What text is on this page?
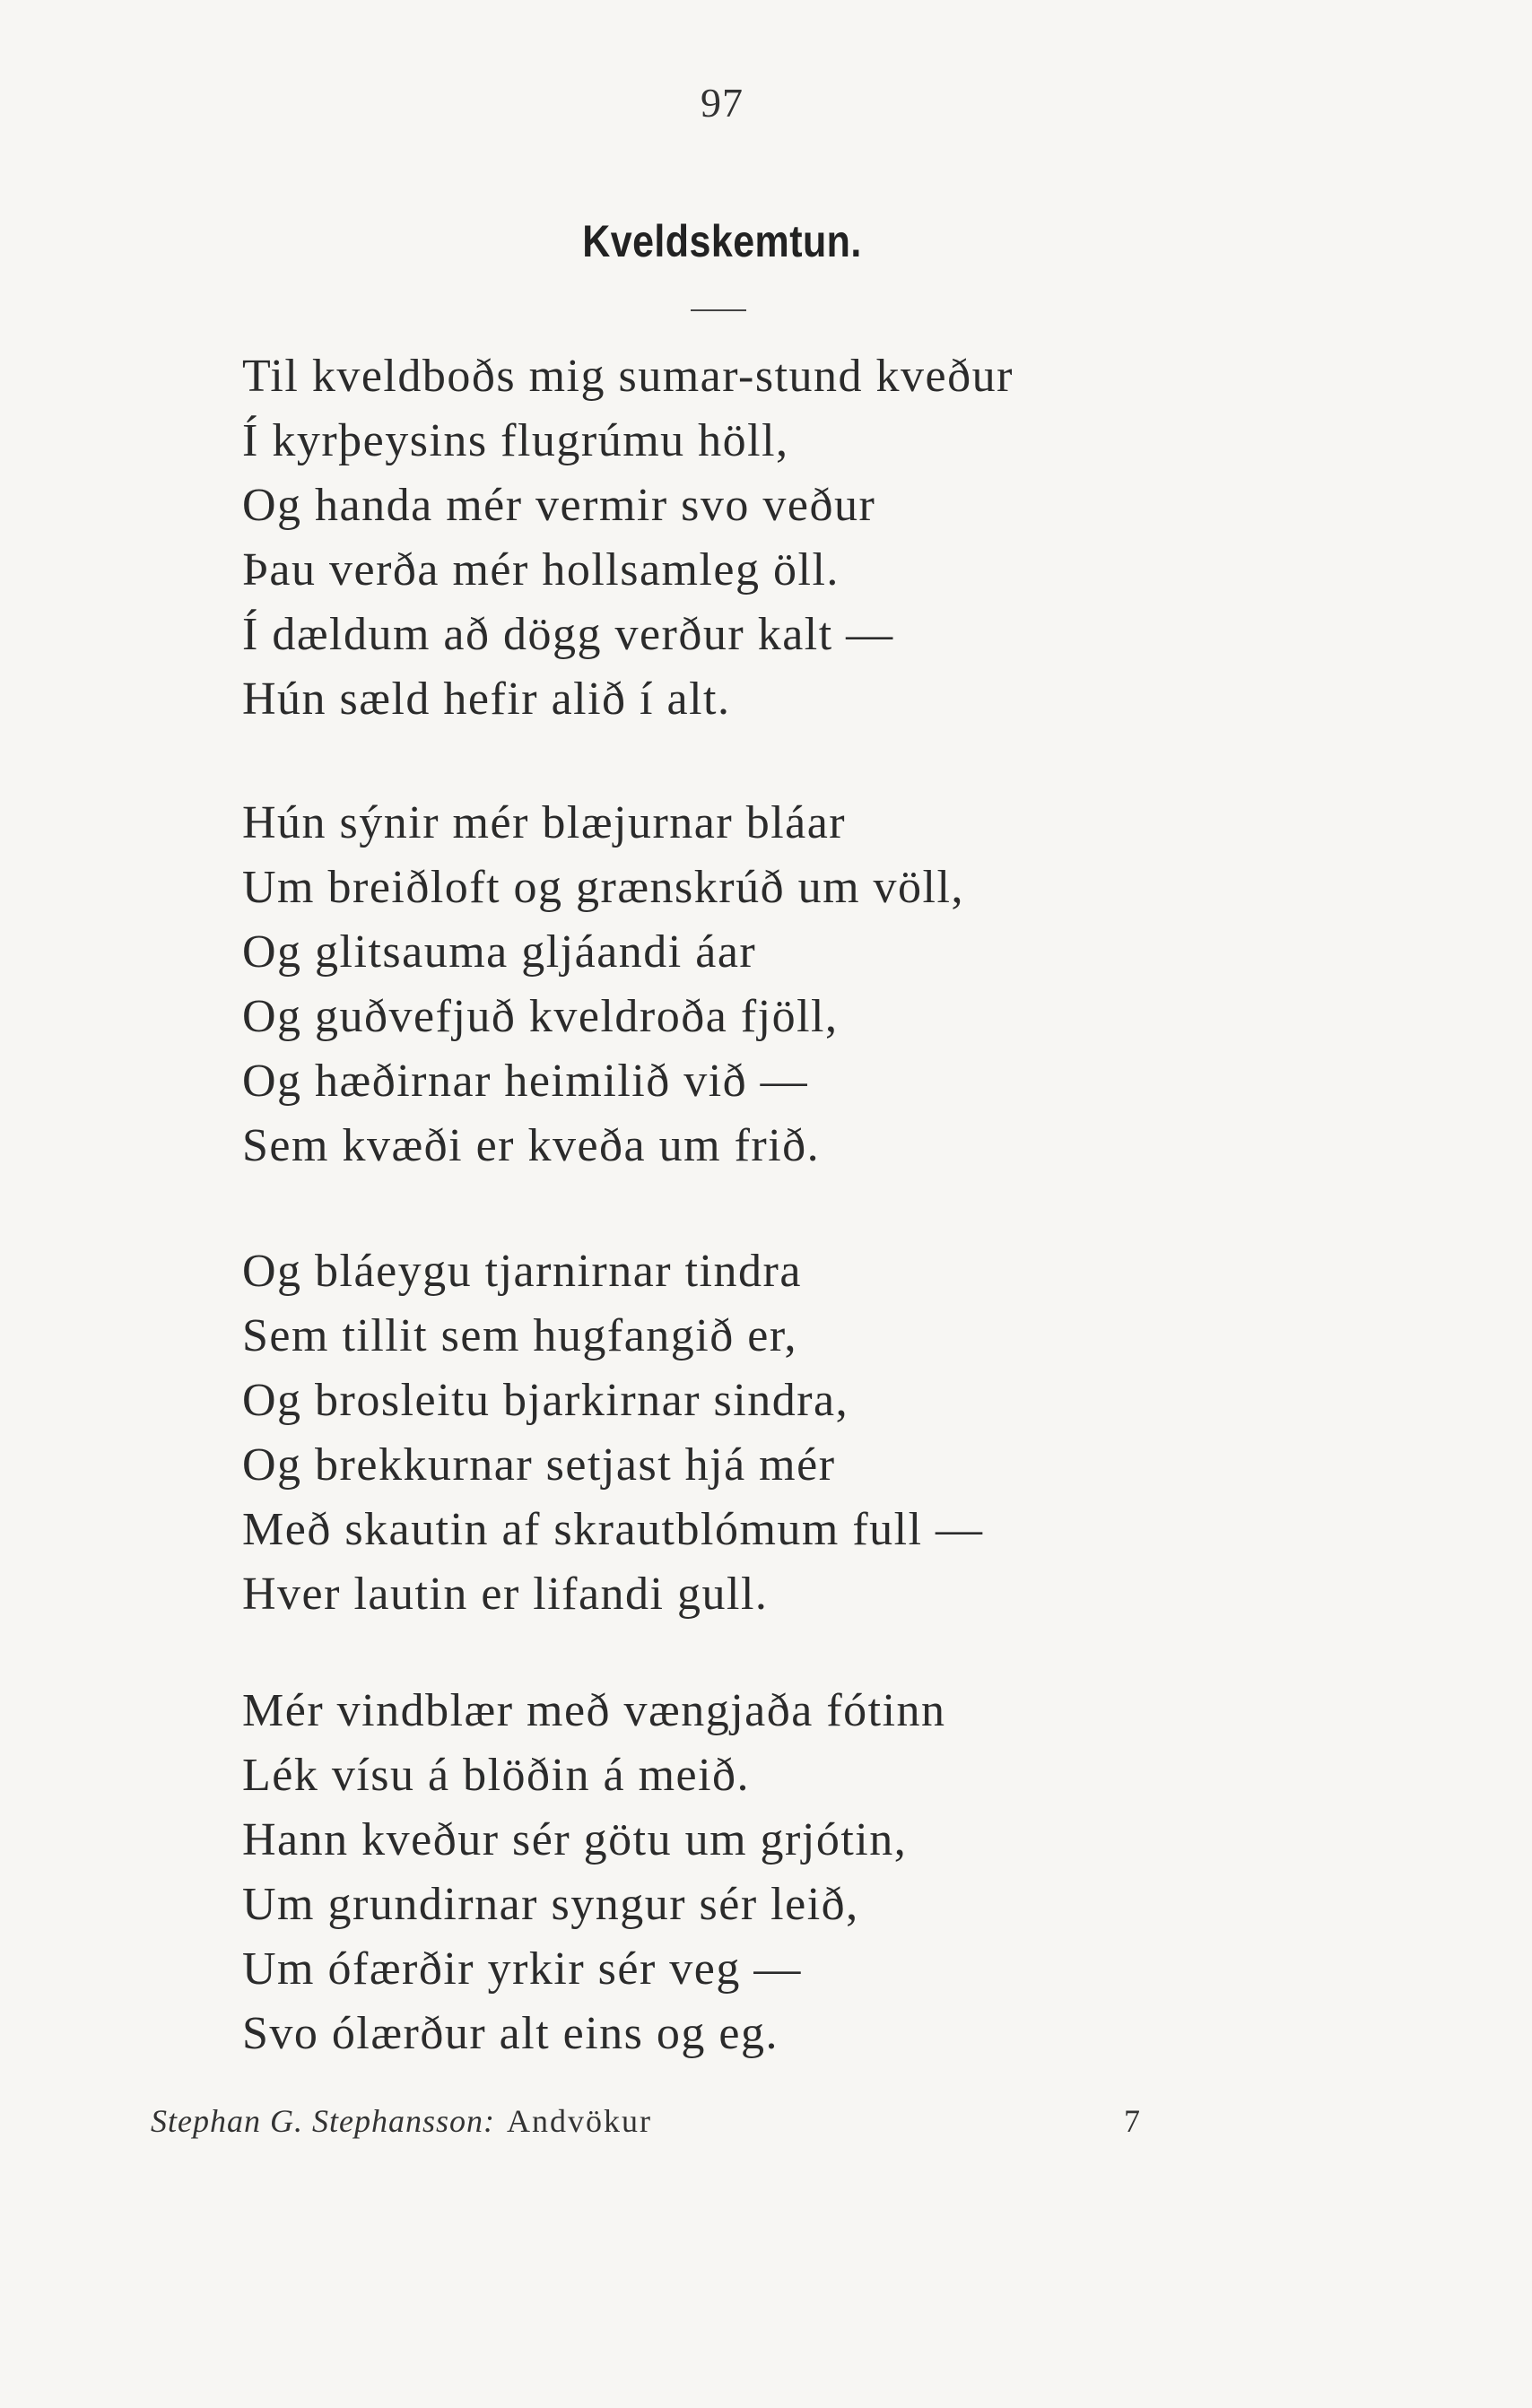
97
Kveldskemtun.
Til kveldboðs mig sumar-stund kveður
Í kyrþeysins flugrúmu höll,
Og handa mér vermir svo veður
Þau verða mér hollsamleg öll.
Í dældum að dögg verður kalt —
Hún sæld hefir alið í alt.
Hún sýnir mér blæjurnar bláar
Um breiðloft og grænskrúð um völl,
Og glitsauma gljáandi áar
Og guðvefjuð kveldroða fjöll,
Og hæðirnar heimilið við —
Sem kvæði er kveða um frið.
Og bláeygu tjarnirnar tindra
Sem tillit sem hugfangið er,
Og brosleitu bjarkirnar sindra,
Og brekkurnar setjast hjá mér
Með skautin af skrautblómum full —
Hver lautin er lifandi gull.
Mér vindblær með vængjaða fótinn
Lék vísu á blöðin á meið.
Hann kveður sér götu um grjótin,
Um grundirnar syngur sér leið,
Um ófærðir yrkir sér veg —
Svo ólærður alt eins og eg.
Stephan G. Stephansson: Andvökur	7
